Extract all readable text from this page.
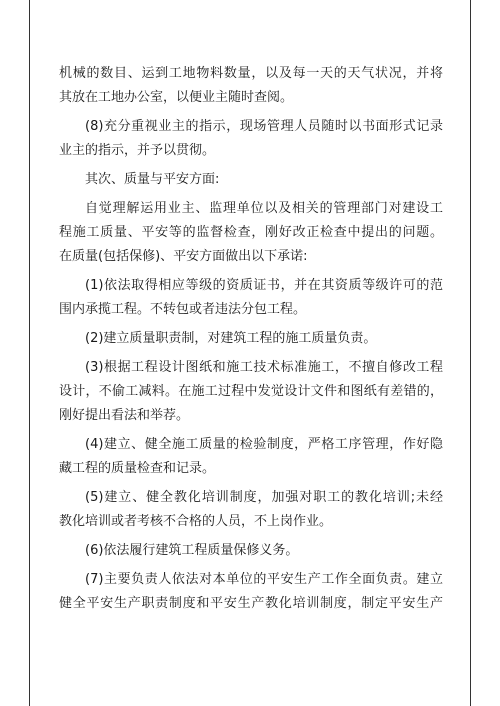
机械的数目、运到工地物料数量，以及每一天的天气状况，并将
其放在工地办公室，以便业主随时查阅。
(8)充分重视业主的指示，现场管理人员随时以书面形式记录
业主的指示，并予以贯彻。
其次、质量与平安方面:
自觉理解运用业主、监理单位以及相关的管理部门对建设工
程施工质量、平安等的监督检查，刚好改正检查中提出的问题。
在质量(包括保修)、平安方面做出以下承诺:
(1)依法取得相应等级的资质证书，并在其资质等级许可的范
围内承揽工程。不转包或者违法分包工程。
(2)建立质量职责制，对建筑工程的施工质量负责。
(3)根据工程设计图纸和施工技术标准施工，不擅自修改工程
设计，不偷工减料。在施工过程中发觉设计文件和图纸有差错的，
刚好提出看法和举荐。
(4)建立、健全施工质量的检验制度，严格工序管理，作好隐
藏工程的质量检查和记录。
(5)建立、健全教化培训制度，加强对职工的教化培训;未经
教化培训或者考核不合格的人员，不上岗作业。
(6)依法履行建筑工程质量保修义务。
(7)主要负责人依法对本单位的平安生产工作全面负责。建立
健全平安生产职责制度和平安生产教化培训制度，制定平安生产
